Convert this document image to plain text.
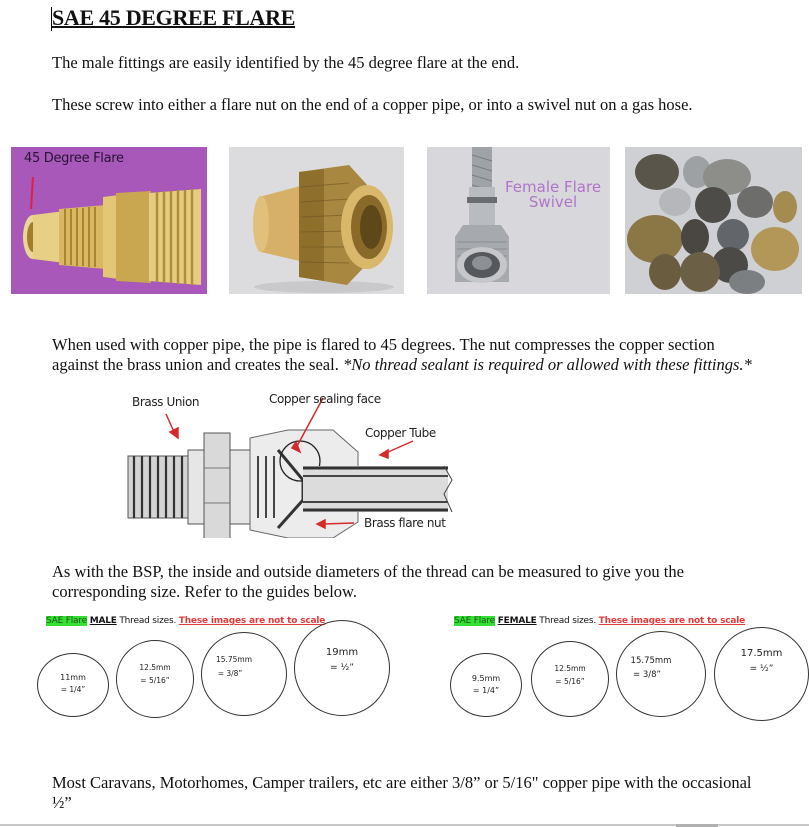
SAE 45 DEGREE FLARE

The male fittings are easily identified by the 45 degree flare at the end.

These screw into either a flare nut on the end of a copper pipe, or into a swivel nut on a gas hose.

45 Degree Flare
Female Flare
Swivel

When used with copper pipe, the pipe is flared to 45 degrees. The nut compresses the copper section
against the brass union and creates the seal. *No thread sealant is required or allowed with these fittings.*

Brass Union	Copper sealing face
Copper Tube
Brass flare nut

As with the BSP, the inside and outside diameters of the thread can be measured to give you the
corresponding size. Refer to the guides below.

SAE Flare MALE Thread sizes. These images are not to scale
11mm
= 1/4”
12.5mm
= 5/16”
15.75mm
= 3/8”
19mm
= ½”
SAE Flare FEMALE Thread sizes. These images are not to scale
9.5mm
= 1/4”
12.5mm
= 5/16”
15.75mm
= 3/8”
17.5mm
= ½”

Most Caravans, Motorhomes, Camper trailers, etc are either 3/8” or 5/16" copper pipe with the occasional
½”
